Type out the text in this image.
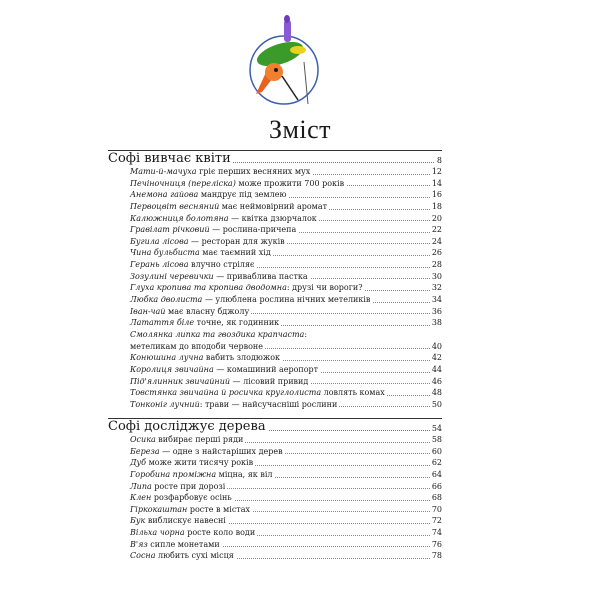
Зміст
Софі вивчає квіти	8
Мати-й-мачуха гріє перших весняних мух	12
Печіночниця (переліска) може прожити 700 років	14
Анемона гайова мандрує під землею	16
Первоцвіт весняний має неймовірний аромат	18
Калюжниця болотяна — квітка дзюрчалок	20
Гравілат річковий — рослина-причепа	22
Бугила лісова — ресторан для жуків	24
Чина бульбиста має таємний хід	26
Герань лісова влучно стріляє	28
Зозулині черевички — приваблива пастка	30
Глуха кропива та кропива дводомна: друзі чи вороги?	32
Любка дволиста — улюблена рослина нічних метеликів	34
Іван-чай має власну бджолу	36
Латаття біле точне, як годинник	38
Смолянка липка та гвоздика крапчаста:
метеликам до вподоби червоне	40
Конюшина лучна вабить злодюжок	42
Королиця звичайна — комашиний аеропорт	44
Під'ялинник звичайний — лісовий привид	46
Товстянка звичайна й росичка круглолиста ловлять комах	48
Тонконіг лучний: трави — найсучасніші рослини	50
Софі досліджує дерева	54
Осика вибирає перші ряди	58
Береза — одне з найстаріших дерев	60
Дуб може жити тисячу років	62
Горобина проміжна міцна, як віл	64
Липа росте при дорозі	66
Клен розфарбовує осінь	68
Гіркокаштан росте в містах	70
Бук виблискує навесні	72
Вільха чорна росте коло води	74
В'яз сипле монетами	76
Сосна любить сухі місця	78
